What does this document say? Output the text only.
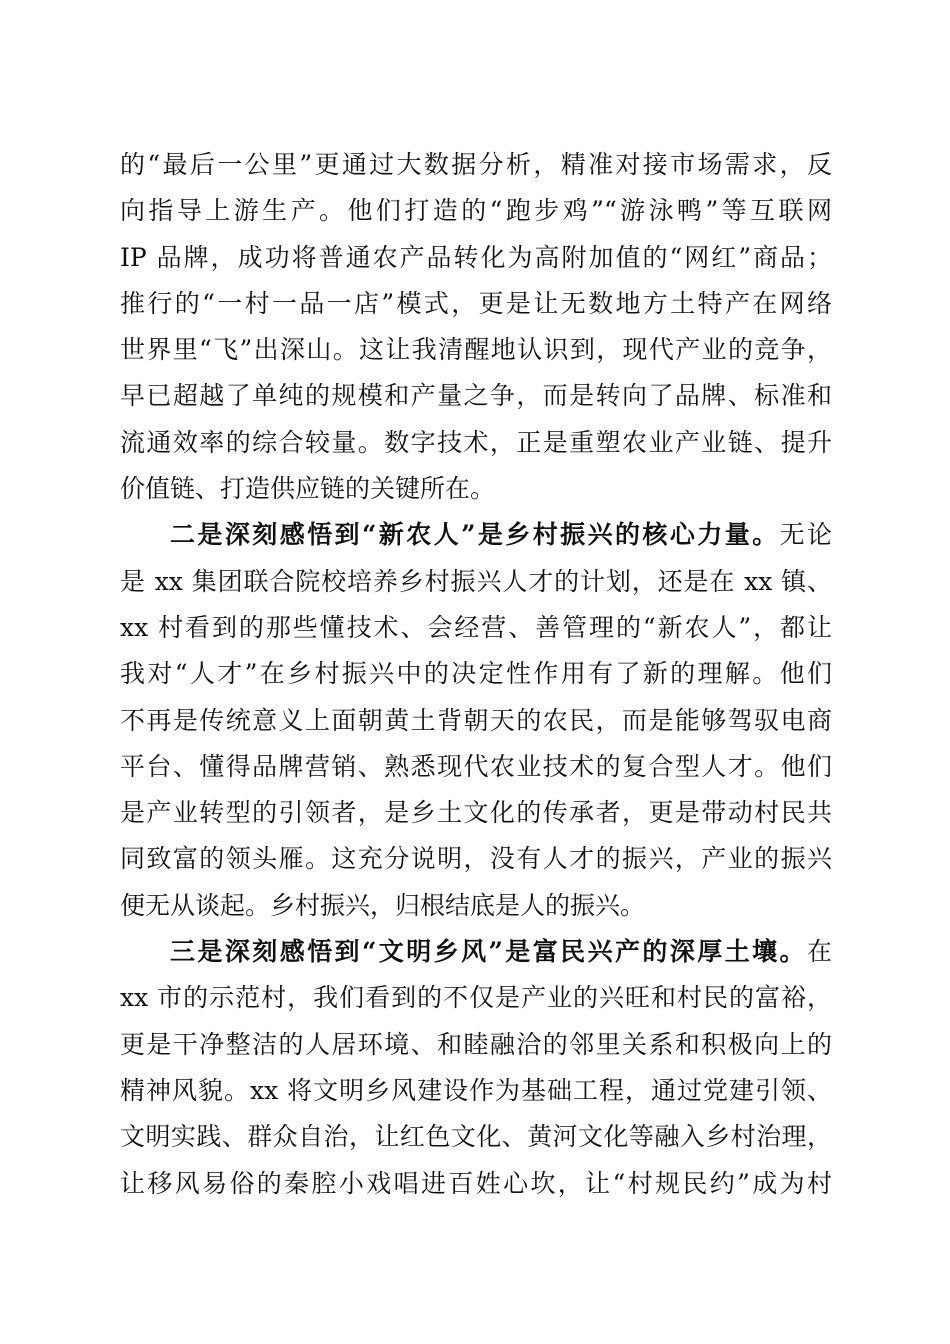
的“最后一公里”更通过大数据分析，精准对接市场需求，反
向指导上游生产。他们打造的“跑步鸡”“游泳鸭”等互联网
IP 品牌，成功将普通农产品转化为高附加值的“网红”商品；
推行的“一村一品一店”模式，更是让无数地方土特产在网络
世界里“飞”出深山。这让我清醒地认识到，现代产业的竞争，
早已超越了单纯的规模和产量之争，而是转向了品牌、标准和
流通效率的综合较量。数字技术，正是重塑农业产业链、提升
价值链、打造供应链的关键所在。
二是深刻感悟到“新农人”是乡村振兴的核心力量。无论
是 xx 集团联合院校培养乡村振兴人才的计划，还是在 xx 镇、
xx 村看到的那些懂技术、会经营、善管理的“新农人”，都让
我对“人才”在乡村振兴中的决定性作用有了新的理解。他们
不再是传统意义上面朝黄土背朝天的农民，而是能够驾驭电商
平台、懂得品牌营销、熟悉现代农业技术的复合型人才。他们
是产业转型的引领者，是乡土文化的传承者，更是带动村民共
同致富的领头雁。这充分说明，没有人才的振兴，产业的振兴
便无从谈起。乡村振兴，归根结底是人的振兴。
三是深刻感悟到“文明乡风”是富民兴产的深厚土壤。在
xx 市的示范村，我们看到的不仅是产业的兴旺和村民的富裕，
更是干净整洁的人居环境、和睦融洽的邻里关系和积极向上的
精神风貌。xx 将文明乡风建设作为基础工程，通过党建引领、
文明实践、群众自治，让红色文化、黄河文化等融入乡村治理，
让移风易俗的秦腔小戏唱进百姓心坎，让“村规民约”成为村
